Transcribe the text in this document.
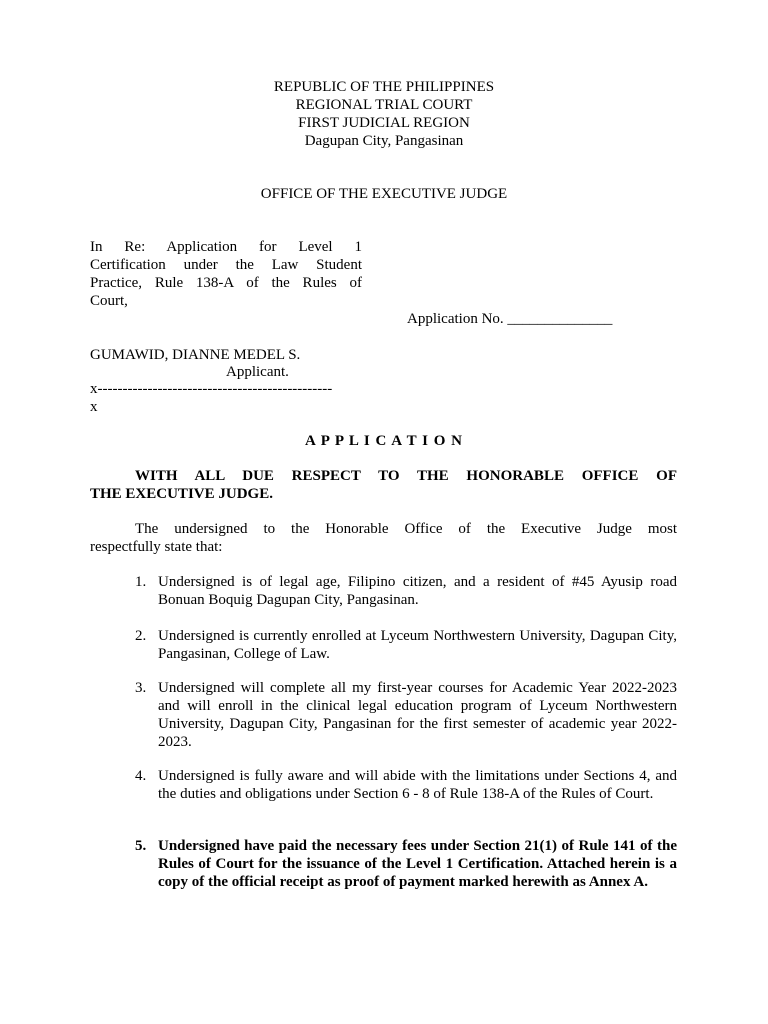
REPUBLIC OF THE PHILIPPINES

REGIONAL TRIAL COURT

FIRST JUDICIAL REGION

Dagupan City, Pangasinan

OFFICE OF THE EXECUTIVE JUDGE

In Re: Application for Level 1

Certification under the Law Student

Practice, Rule 138-A of the Rules of

Court,

Application No. ______________

GUMAWID, DIANNE MEDEL S.

Applicant.

x-----------------------------------------------

x

A P P L I C A T I O N

WITH ALL DUE RESPECT TO THE HONORABLE OFFICE OF

THE EXECUTIVE JUDGE.

The undersigned to the Honorable Office of the Executive Judge most

respectfully state that:

1. Undersigned is of legal age, Filipino citizen, and a resident of #45 Ayusip road Bonuan Boquig Dagupan City, Pangasinan.

2. Undersigned is currently enrolled at Lyceum Northwestern University, Dagupan City, Pangasinan, College of Law.

3. Undersigned will complete all my first-year courses for Academic Year 2022-2023 and will enroll in the clinical legal education program of Lyceum Northwestern University, Dagupan City, Pangasinan for the first semester of academic year 2022-2023.

4. Undersigned is fully aware and will abide with the limitations under Sections 4, and the duties and obligations under Section 6 - 8 of Rule 138-A of the Rules of Court.

5. Undersigned have paid the necessary fees under Section 21(1) of Rule 141 of the Rules of Court for the issuance of the Level 1 Certification. Attached herein is a copy of the official receipt as proof of payment marked herewith as Annex A.
